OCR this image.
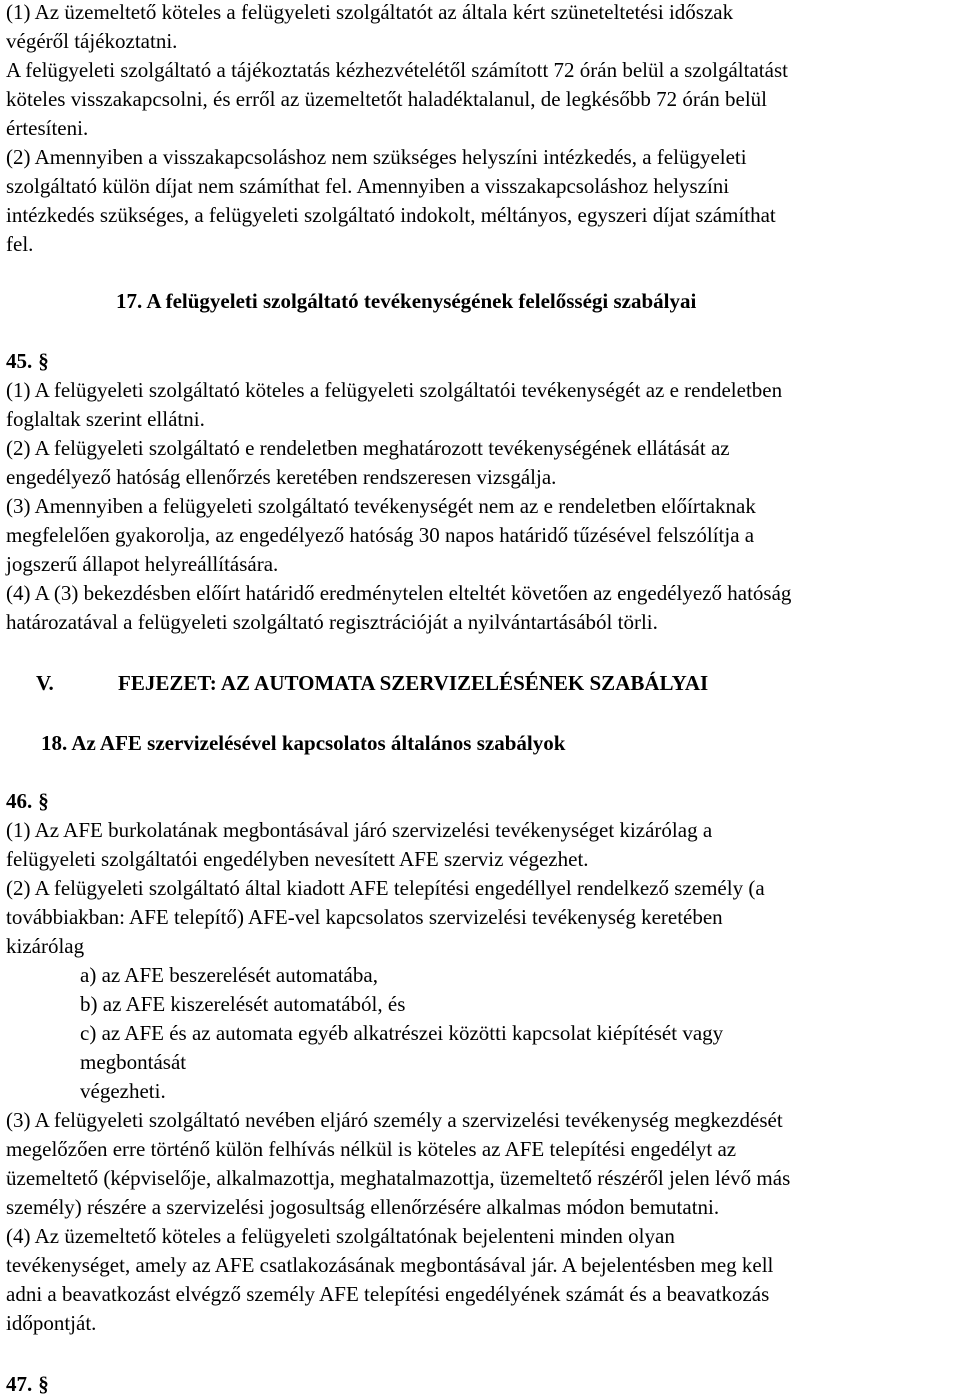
(1) Az üzemeltető köteles a felügyeleti szolgáltatót az általa kért szüneteltetési időszak

végéről tájékoztatni.

A felügyeleti szolgáltató a tájékoztatás kézhezvételétől számított 72 órán belül a szolgáltatást

köteles visszakapcsolni, és erről az üzemeltetőt haladéktalanul, de legkésőbb 72 órán belül

értesíteni.

(2) Amennyiben a visszakapcsoláshoz nem szükséges helyszíni intézkedés, a felügyeleti

szolgáltató külön díjat nem számíthat fel. Amennyiben a visszakapcsoláshoz helyszíni

intézkedés szükséges, a felügyeleti szolgáltató indokolt, méltányos, egyszeri díjat számíthat

fel.

17. A felügyeleti szolgáltató tevékenységének felelősségi szabályai

45. §

(1) A felügyeleti szolgáltató köteles a felügyeleti szolgáltatói tevékenységét az e rendeletben

foglaltak szerint ellátni.

(2) A felügyeleti szolgáltató e rendeletben meghatározott tevékenységének ellátását az

engedélyező hatóság ellenőrzés keretében rendszeresen vizsgálja.

(3) Amennyiben a felügyeleti szolgáltató tevékenységét nem az e rendeletben előírtaknak

megfelelően gyakorolja, az engedélyező hatóság 30 napos határidő tűzésével felszólítja a

jogszerű állapot helyreállítására.

(4) A (3) bekezdésben előírt határidő eredménytelen elteltét követően az engedélyező hatóság

határozatával a felügyeleti szolgáltató regisztrációját a nyilvántartásából törli.

V.	FEJEZET: AZ AUTOMATA SZERVIZELÉSÉNEK SZABÁLYAI

18. Az AFE szervizelésével kapcsolatos általános szabályok

46. §

(1) Az AFE burkolatának megbontásával járó szervizelési tevékenységet kizárólag a

felügyeleti szolgáltatói engedélyben nevesített AFE szerviz végezhet.

(2) A felügyeleti szolgáltató által kiadott AFE telepítési engedéllyel rendelkező személy (a

továbbiakban: AFE telepítő) AFE-vel kapcsolatos szervizelési tevékenység keretében

kizárólag

a) az AFE beszerelését automatába,

b) az AFE kiszerelését automatából, és

c) az AFE és az automata egyéb alkatrészei közötti kapcsolat kiépítését vagy

megbontását

végezheti.

(3) A felügyeleti szolgáltató nevében eljáró személy a szervizelési tevékenység megkezdését

megelőzően erre történő külön felhívás nélkül is köteles az AFE telepítési engedélyt az

üzemeltető (képviselője, alkalmazottja, meghatalmazottja, üzemeltető részéről jelen lévő más

személy) részére a szervizelési jogosultság ellenőrzésére alkalmas módon bemutatni.

(4) Az üzemeltető köteles a felügyeleti szolgáltatónak bejelenteni minden olyan

tevékenységet, amely az AFE csatlakozásának megbontásával jár. A bejelentésben meg kell

adni a beavatkozást elvégző személy AFE telepítési engedélyének számát és a beavatkozás

időpontját.

47. §
